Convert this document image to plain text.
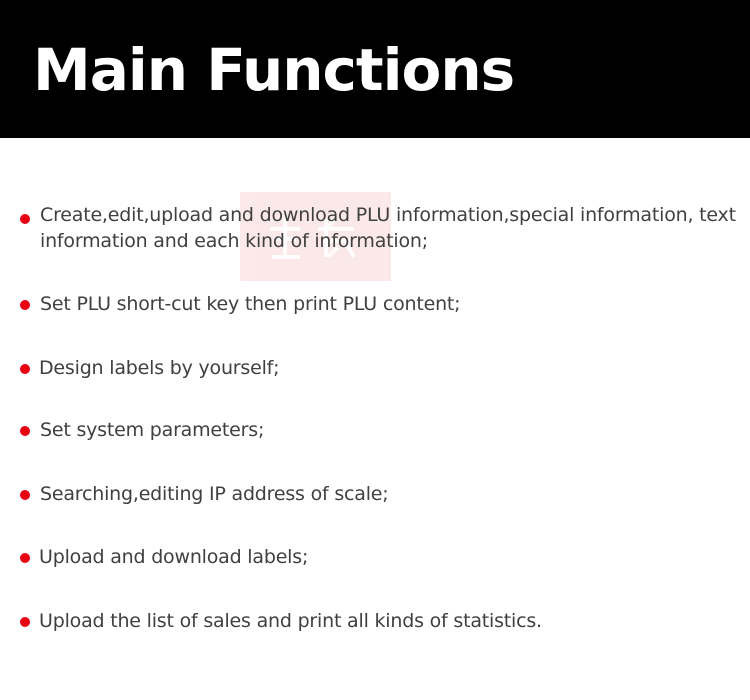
Main Functions

Create,edit,upload and download PLU information,special information, text information and each kind of information;

Set PLU short-cut key then print PLU content;

Design labels by yourself;

Set system parameters;

Searching,editing IP address of scale;

Upload and download labels;

Upload the list of sales and print all kinds of statistics.
